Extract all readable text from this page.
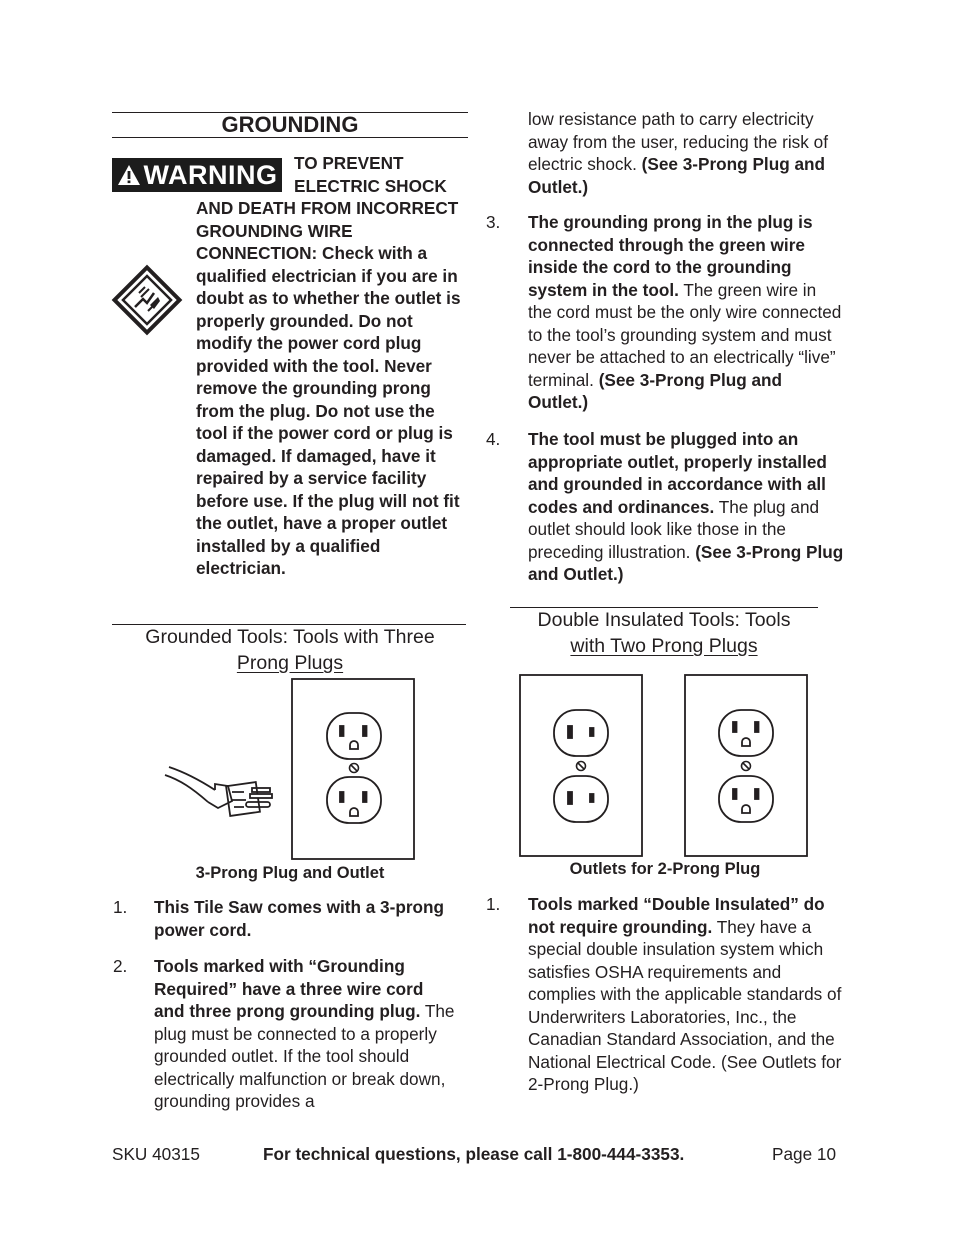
GROUNDING
WARNING TO PREVENT
ELECTRIC SHOCK
AND DEATH FROM INCORRECT GROUNDING WIRE CONNECTION: Check with a qualified electrician if you are in doubt as to whether the outlet is properly grounded. Do not modify the power cord plug provided with the tool. Never remove the grounding prong from the plug. Do not use the tool if the power cord or plug is damaged. If damaged, have it repaired by a service facility before use. If the plug will not fit the outlet, have a proper outlet installed by a qualified electrician.
Grounded Tools: Tools with Three
Prong Plugs
3-Prong Plug and Outlet
1. This Tile Saw comes with a 3-prong power cord.
2. Tools marked with “Grounding Required” have a three wire cord and three prong grounding plug. The plug must be connected to a properly grounded outlet. If the tool should electrically malfunction or break down, grounding provides a
low resistance path to carry electricity away from the user, reducing the risk of electric shock. (See 3-Prong Plug and Outlet.)
3. The grounding prong in the plug is connected through the green wire inside the cord to the grounding system in the tool. The green wire in the cord must be the only wire connected to the tool’s grounding system and must never be attached to an electrically “live” terminal. (See 3-Prong Plug and Outlet.)
4. The tool must be plugged into an appropriate outlet, properly installed and grounded in accordance with all codes and ordinances. The plug and outlet should look like those in the preceding illustration. (See 3-Prong Plug and Outlet.)
Double Insulated Tools: Tools
with Two Prong Plugs
Outlets for 2-Prong Plug
1. Tools marked “Double Insulated” do not require grounding. They have a special double insulation system which satisfies OSHA requirements and complies with the applicable standards of Underwriters Laboratories, Inc., the Canadian Standard Association, and the National Electrical Code. (See Outlets for 2-Prong Plug.)
SKU 40315	For technical questions, please call 1-800-444-3353.	Page 10
